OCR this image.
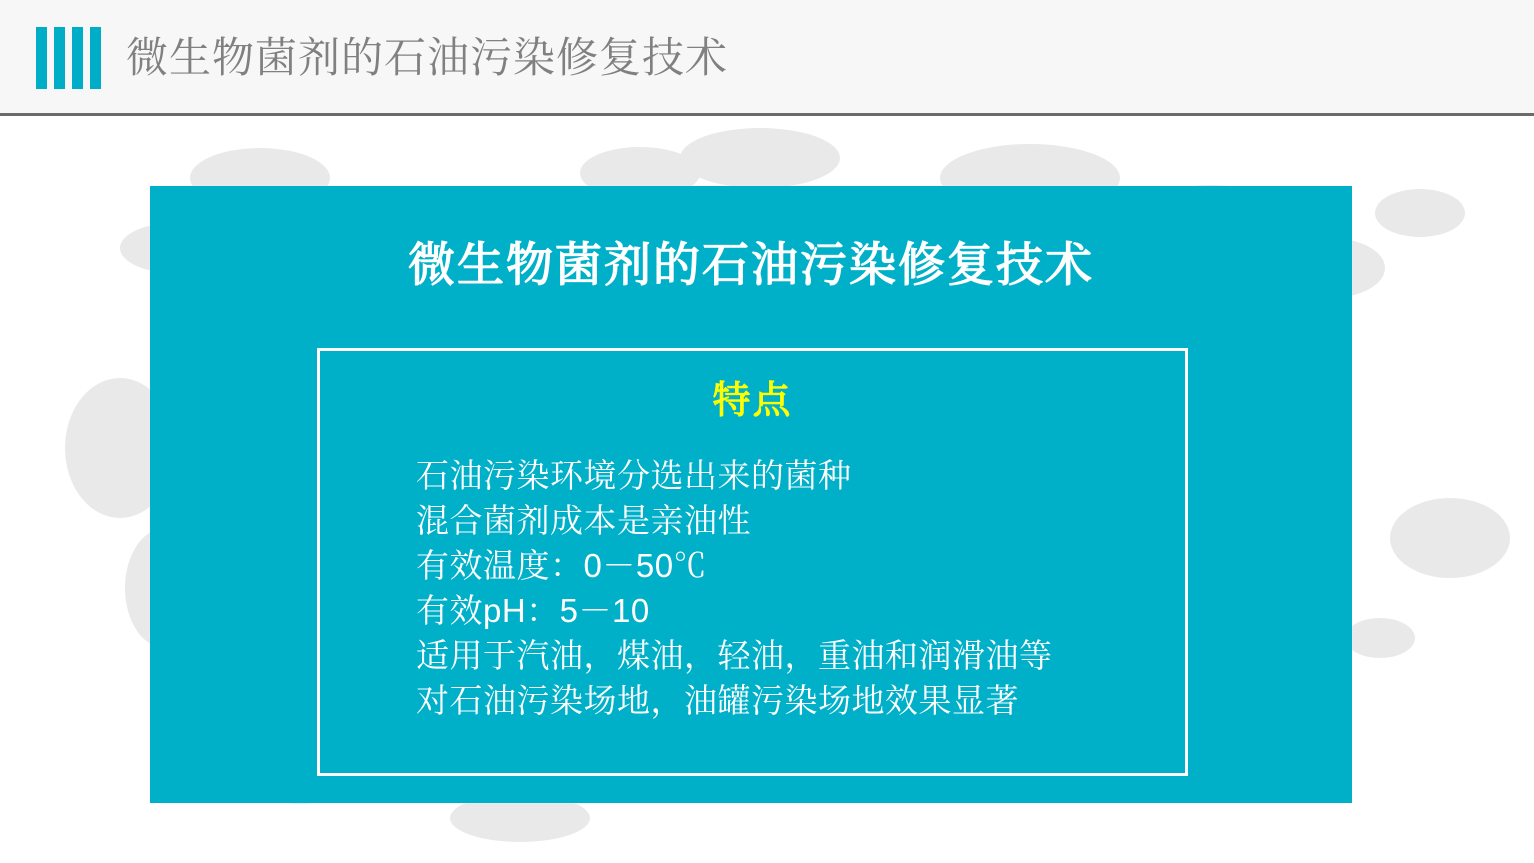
微生物菌剂的石油污染修复技术
微生物菌剂的石油污染修复技术
特点
石油污染环境分选出来的菌种
混合菌剂成本是亲油性
有效温度：0－50℃
有效pH：5－10
适用于汽油，煤油，轻油，重油和润滑油等
对石油污染场地，油罐污染场地效果显著
